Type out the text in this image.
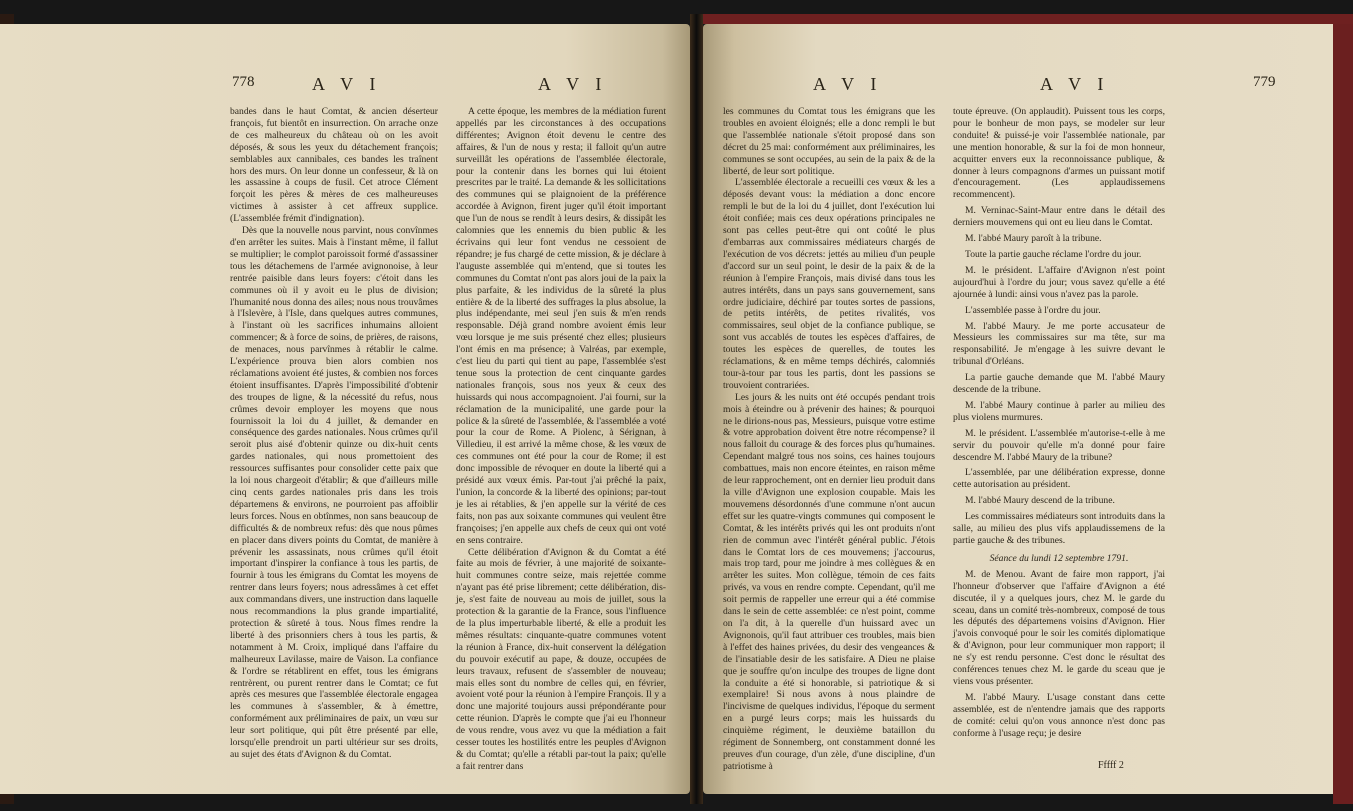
778	A V I	A V I

bandes dans le haut Comtat, & ancien déserteur françois, fut bientôt en insurrection. On arrache onze de ces malheureux du château où on les avoit déposés, & sous les yeux du détachement françois; semblables aux cannibales, ces bandes les traînent hors des murs. On leur donne un confesseur, & là on les assassine à coups de fusil. Cet atroce Clément forçoit les pères & mères de ces malheureuses victimes à assister à cet affreux supplice. (L'assemblée frémit d'indignation).

Dès que la nouvelle nous parvint, nous convînmes d'en arrêter les suites. Mais à l'instant même, il fallut se multiplier; le complot paroissoit formé d'assassiner tous les détachemens de l'armée avignonoise, à leur rentrée paisible dans leurs foyers: c'étoit dans les communes où il y avoit eu le plus de division; l'humanité nous donna des ailes; nous nous trouvâmes à l'Islevère, à l'Isle, dans quelques autres communes, à l'instant où les sacrifices inhumains alloient commencer; & à force de soins, de prières, de raisons, de menaces, nous parvînmes à rétablir le calme. L'expérience prouva bien alors combien nos réclamations avoient été justes, & combien nos forces étoient insuffisantes. D'après l'impossibilité d'obtenir des troupes de ligne, & la nécessité du refus, nous crûmes devoir employer les moyens que nous fournissoit la loi du 4 juillet, & demander en conséquence des gardes nationales. Nous crûmes qu'il seroit plus aisé d'obtenir quinze ou dix-huit cents gardes nationales, qui nous promettoient des ressources suffisantes pour consolider cette paix que la loi nous chargeoit d'établir; & que d'ailleurs mille cinq cents gardes nationales pris dans les trois départemens & environs, ne pourroient pas affoiblir leurs forces. Nous en obtînmes, non sans beaucoup de difficultés & de nombreux refus: dès que nous pûmes en placer dans divers points du Comtat, de manière à prévenir les assassinats, nous crûmes qu'il étoit important d'inspirer la confiance à tous les partis, de fournir à tous les émigrans du Comtat les moyens de rentrer dans leurs foyers; nous adressâmes à cet effet aux commandans divers, une instruction dans laquelle nous recommandions la plus grande impartialité, protection & sûreté à tous. Nous fîmes rendre la liberté à des prisonniers chers à tous les partis, & notamment à M. Croix, impliqué dans l'affaire du malheureux Lavilasse, maire de Vaison. La confiance & l'ordre se rétablirent en effet, tous les émigrans rentrèrent, ou purent rentrer dans le Comtat; ce fut après ces mesures que l'assemblée électorale engagea les communes à s'assembler, & à émettre, conformément aux préliminaires de paix, un vœu sur leur sort politique, qui pût être présenté par elle, lorsqu'elle prendroit un parti ultérieur sur ses droits, au sujet des états d'Avignon & du Comtat.

A cette époque, les membres de la médiation furent appellés par les circonstances à des occupations différentes; Avignon étoit devenu le centre des affaires, & l'un de nous y resta; il falloit qu'un autre surveillât les opérations de l'assemblée électorale, pour la contenir dans les bornes qui lui étoient prescrites par le traité. La demande & les sollicitations des communes qui se plaignoient de la préférence accordée à Avignon, firent juger qu'il étoit important que l'un de nous se rendît à leurs desirs, & dissipât les calomnies que les ennemis du bien public & les écrivains qui leur font vendus ne cessoient de répandre; je fus chargé de cette mission, & je déclare à l'auguste assemblée qui m'entend, que si toutes les communes du Comtat n'ont pas alors joui de la paix la plus parfaite, & les individus de la sûreté la plus entière & de la liberté des suffrages la plus absolue, la plus indépendante, mei seul j'en suis & m'en rends responsable. Déjà grand nombre avoient émis leur vœu lorsque je me suis présenté chez elles; plusieurs l'ont émis en ma présence; à Valréas, par exemple, c'est lieu du parti qui tient au pape, l'assemblée s'est tenue sous la protection de cent cinquante gardes nationales françois, sous nos yeux & ceux des huissards qui nous accompagnoient. J'ai fourni, sur la réclamation de la municipalité, une garde pour la police & la sûreté de l'assemblée, & l'assemblée a voté pour la cour de Rome. A Piolenc, à Sérignan, à Villedieu, il est arrivé la même chose, & les vœux de ces communes ont été pour la cour de Rome; il est donc impossible de révoquer en doute la liberté qui a présidé aux vœux émis. Par-tout j'ai prêché la paix, l'union, la concorde & la liberté des opinions; par-tout je les ai rétablies, & j'en appelle sur la vérité de ces faits, non pas aux soixante communes qui veulent être françoises; j'en appelle aux chefs de ceux qui ont voté en sens contraire.

Cette délibération d'Avignon & du Comtat a été faite au mois de février, à une majorité de soixante-huit communes contre seize, mais rejettée comme n'ayant pas été prise librement; cette délibération, dis-je, s'est faite de nouveau au mois de juillet, sous la protection & la garantie de la France, sous l'influence de la plus imperturbable liberté, & elle a produit les mêmes résultats: cinquante-quatre communes votent la réunion à France, dix-huit conservent la délégation du pouvoir exécutif au pape, & douze, occupées de leurs travaux, refusent de s'assembler de nouveau; mais elles sont du nombre de celles qui, en février, avoient voté pour la réunion à l'empire François. Il y a donc une majorité toujours aussi prépondérante pour cette réunion. D'après le compte que j'ai eu l'honneur de vous rendre, vous avez vu que la médiation a fait cesser toutes les hostilités entre les peuples d'Avignon & du Comtat; qu'elle a rétabli par-tout la paix; qu'elle a fait rentrer dans

A V I	A V I	779

les communes du Comtat tous les émigrans que les troubles en avoient éloignés; elle a donc rempli le but que l'assemblée nationale s'étoit proposé dans son décret du 25 mai: conformément aux préliminaires, les communes se sont occupées, au sein de la paix & de la liberté, de leur sort politique.

L'assemblée électorale a recueilli ces vœux & les a déposés devant vous: la médiation a donc encore rempli le but de la loi du 4 juillet, dont l'exécution lui étoit confiée; mais ces deux opérations principales ne sont pas celles peut-être qui ont coûté le plus d'embarras aux commissaires médiateurs chargés de l'exécution de vos décrets: jettés au milieu d'un peuple d'accord sur un seul point, le desir de la paix & de la réunion à l'empire François, mais divisé dans tous les autres intérêts, dans un pays sans gouvernement, sans ordre judiciaire, déchiré par toutes sortes de passions, de petits intérêts, de petites rivalités, vos commissaires, seul objet de la confiance publique, se sont vus accablés de toutes les espèces d'affaires, de toutes les espèces de querelles, de toutes les réclamations, & en même temps déchirés, calomniés tour-à-tour par tous les partis, dont les passions se trouvoient contrariées.

Les jours & les nuits ont été occupés pendant trois mois à éteindre ou à prévenir des haines; & pourquoi ne le dirions-nous pas, Messieurs, puisque votre estime & votre approbation doivent être notre récompense? il nous falloit du courage & des forces plus qu'humaines. Cependant malgré tous nos soins, ces haines toujours combattues, mais non encore éteintes, en raison même de leur rapprochement, ont en dernier lieu produit dans la ville d'Avignon une explosion coupable. Mais les mouvemens désordonnés d'une commune n'ont aucun effet sur les quatre-vingts communes qui composent le Comtat, & les intérêts privés qui les ont produits n'ont rien de commun avec l'intérêt général public. J'étois dans le Comtat lors de ces mouvemens; j'accourus, mais trop tard, pour me joindre à mes collègues & en arrêter les suites. Mon collègue, témoin de ces faits privés, va vous en rendre compte. Cependant, qu'il me soit permis de rappeller une erreur qui a été commise dans le sein de cette assemblée: ce n'est point, comme on l'a dit, à la querelle d'un huissard avec un Avignonois, qu'il faut attribuer ces troubles, mais bien à l'effet des haines privées, du desir des vengeances & de l'insatiable desir de les satisfaire. A Dieu ne plaise que je souffre qu'on inculpe des troupes de ligne dont la conduite a été si honorable, si patriotique & si exemplaire! Si nous avons à nous plaindre de l'incivisme de quelques individus, l'époque du serment en a purgé leurs corps; mais les huissards du cinquième régiment, le deuxième bataillon du régiment de Sonnemberg, ont constamment donné les preuves d'un courage, d'un zèle, d'une discipline, d'un patriotisme à

toute épreuve. (On applaudit). Puissent tous les corps, pour le bonheur de mon pays, se modeler sur leur conduite! & puissé-je voir l'assemblée nationale, par une mention honorable, & sur la foi de mon honneur, acquitter envers eux la reconnoissance publique, & donner à leurs compagnons d'armes un puissant motif d'encouragement. (Les applaudissemens recommencent).

M. Verninac-Saint-Maur entre dans le détail des derniers mouvemens qui ont eu lieu dans le Comtat.

M. l'abbé Maury paroît à la tribune.

Toute la partie gauche réclame l'ordre du jour.

M. le président. L'affaire d'Avignon n'est point aujourd'hui à l'ordre du jour; vous savez qu'elle a été ajournée à lundi: ainsi vous n'avez pas la parole.

L'assemblée passe à l'ordre du jour.

M. l'abbé Maury. Je me porte accusateur de Messieurs les commissaires sur ma tête, sur ma responsabilité. Je m'engage à les suivre devant le tribunal d'Orléans.

La partie gauche demande que M. l'abbé Maury descende de la tribune.

M. l'abbé Maury continue à parler au milieu des plus violens murmures.

M. le président. L'assemblée m'autorise-t-elle à me servir du pouvoir qu'elle m'a donné pour faire descendre M. l'abbé Maury de la tribune?

L'assemblée, par une délibération expresse, donne cette autorisation au président.

M. l'abbé Maury descend de la tribune.

Les commissaires médiateurs sont introduits dans la salle, au milieu des plus vifs applaudissemens de la partie gauche & des tribunes.

Séance du lundi 12 septembre 1791.

M. de Menou. Avant de faire mon rapport, j'ai l'honneur d'observer que l'affaire d'Avignon a été discutée, il y a quelques jours, chez M. le garde du sceau, dans un comité très-nombreux, composé de tous les députés des départemens voisins d'Avignon. Hier j'avois convoqué pour le soir les comités diplomatique & d'Avignon, pour leur communiquer mon rapport; il ne s'y est rendu personne. C'est donc le résultat des conférences tenues chez M. le garde du sceau que je viens vous présenter.

M. l'abbé Maury. L'usage constant dans cette assemblée, est de n'entendre jamais que des rapports de comité: celui qu'on vous annonce n'est donc pas conforme à l'usage reçu; je desire

Fffff 2
